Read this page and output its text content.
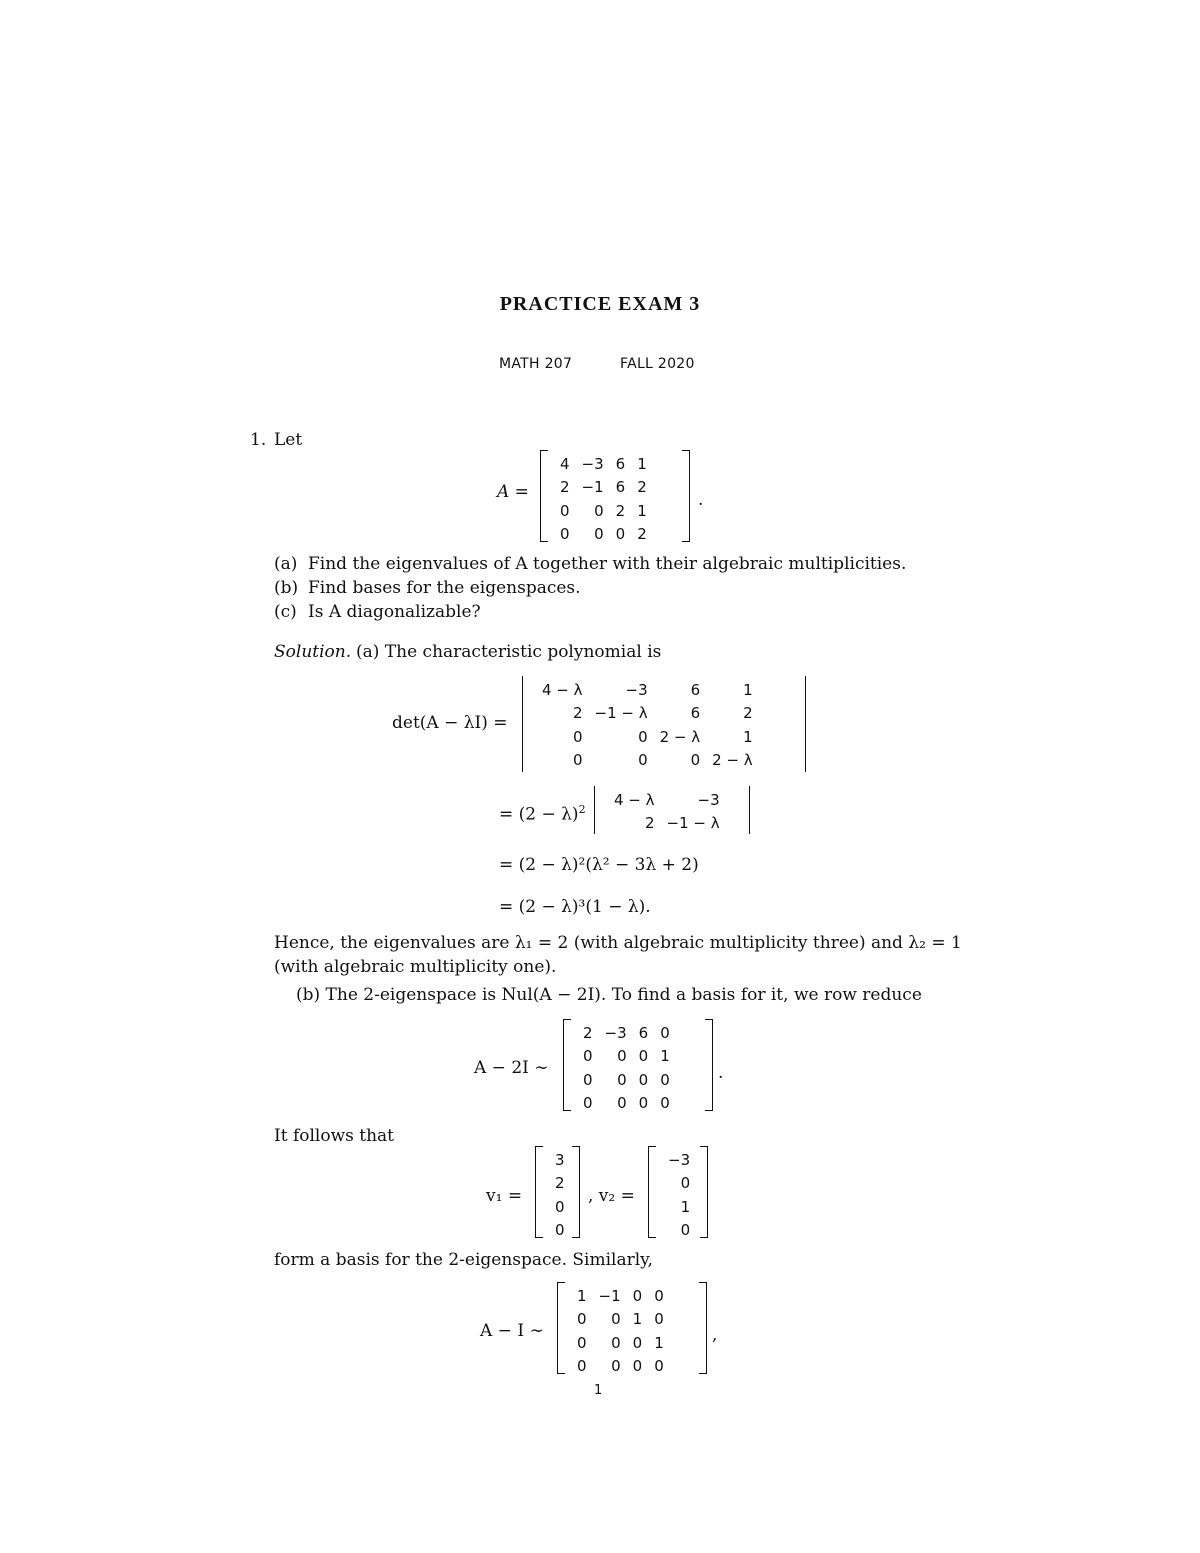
PRACTICE EXAM 3
MATH 207	FALL 2020
1. Let
A =
4	−3	6	1
2	−1	6	2
0	0	2	1
0	0	0	2
.
(a) Find the eigenvalues of A together with their algebraic multiplicities.
(b) Find bases for the eigenspaces.
(c) Is A diagonalizable?
Solution. (a) The characteristic polynomial is
det(A − λI) =
4 − λ	−3	6	1
2	−1 − λ	6	2
0	0	2 − λ	1
0	0	0	2 − λ
= $(2 - \lambda)^2$
4 − λ	−3
2	−1 − λ
= (2 − λ)²(λ² − 3λ + 2)
= (2 − λ)³(1 − λ).
Hence, the eigenvalues are λ₁ = 2 (with algebraic multiplicity three) and λ₂ = 1
(with algebraic multiplicity one).
(b) The 2-eigenspace is Nul(A − 2I). To find a basis for it, we row reduce
A − 2I ∼
2	−3	6	0
0	0	0	1
0	0	0	0
0	0	0	0
.
It follows that
v₁ =
3
2
0
0
, v₂ =
−3
0
1
0
form a basis for the 2-eigenspace. Similarly,
A − I ∼
1	−1	0	0
0	0	1	0
0	0	0	1
0	0	0	0
,
1
